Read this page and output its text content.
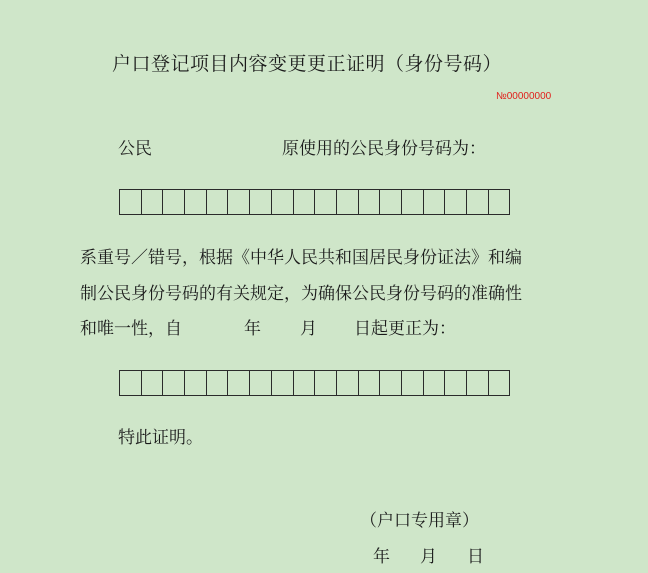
户口登记项目内容变更更正证明（身份号码）
№00000000
公民	原使用的公民身份号码为：
系重号／错号，根据《中华人民共和国居民身份证法》和编
制公民身份号码的有关规定，为确保公民身份号码的准确性
和唯一性，自	年 月 日起更正为：
特此证明。
（户口专用章）
年 月 日
